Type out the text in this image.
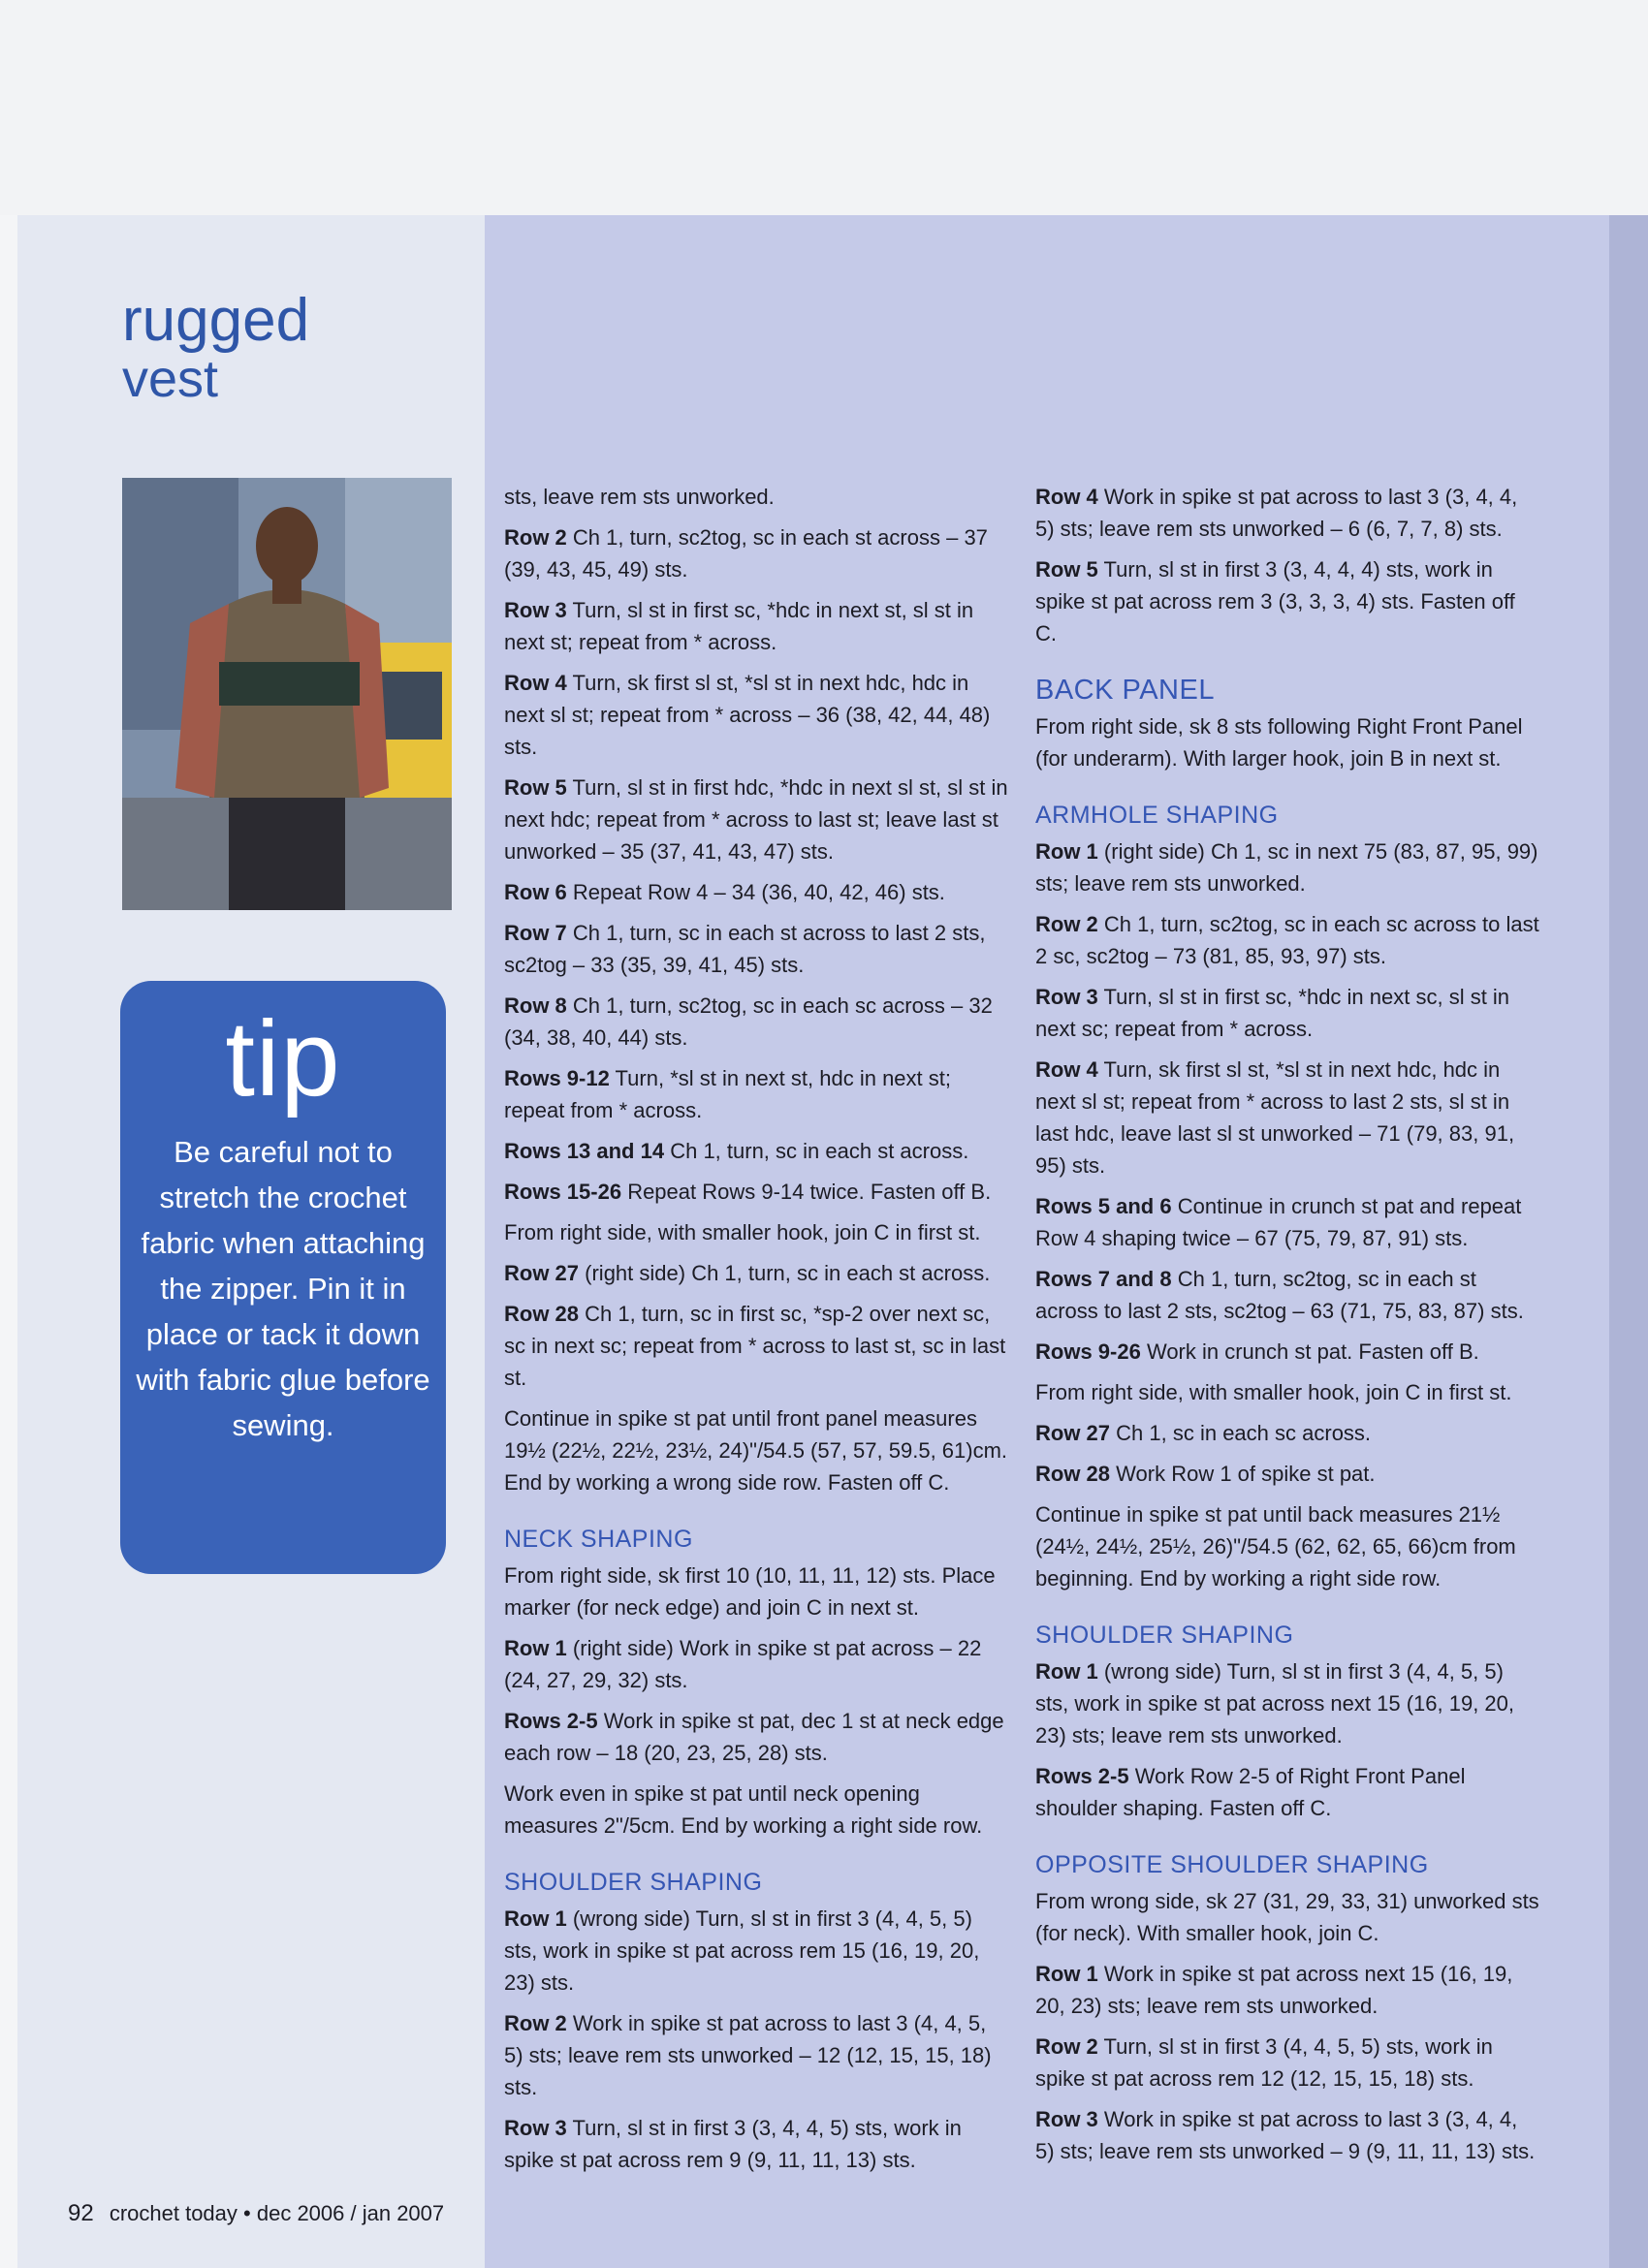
rugged
vest
tip
Be careful not to stretch the crochet fabric when attaching the zipper. Pin it in place or tack it down with fabric glue before sewing.
sts, leave rem sts unworked.
Row 2 Ch 1, turn, sc2tog, sc in each st across – 37 (39, 43, 45, 49) sts.
Row 3 Turn, sl st in first sc, *hdc in next st, sl st in next st; repeat from * across.
Row 4 Turn, sk first sl st, *sl st in next hdc, hdc in next sl st; repeat from * across – 36 (38, 42, 44, 48) sts.
Row 5 Turn, sl st in first hdc, *hdc in next sl st, sl st in next hdc; repeat from * across to last st; leave last st unworked – 35 (37, 41, 43, 47) sts.
Row 6 Repeat Row 4 – 34 (36, 40, 42, 46) sts.
Row 7 Ch 1, turn, sc in each st across to last 2 sts, sc2tog – 33 (35, 39, 41, 45) sts.
Row 8 Ch 1, turn, sc2tog, sc in each sc across – 32 (34, 38, 40, 44) sts.
Rows 9-12 Turn, *sl st in next st, hdc in next st; repeat from * across.
Rows 13 and 14 Ch 1, turn, sc in each st across.
Rows 15-26 Repeat Rows 9-14 twice. Fasten off B.
From right side, with smaller hook, join C in first st.
Row 27 (right side) Ch 1, turn, sc in each st across.
Row 28 Ch 1, turn, sc in first sc, *sp-2 over next sc, sc in next sc; repeat from * across to last st, sc in last st.
Continue in spike st pat until front panel measures 19½ (22½, 22½, 23½, 24)"/54.5 (57, 57, 59.5, 61)cm. End by working a wrong side row. Fasten off C.
NECK SHAPING
From right side, sk first 10 (10, 11, 11, 12) sts. Place marker (for neck edge) and join C in next st.
Row 1 (right side) Work in spike st pat across – 22 (24, 27, 29, 32) sts.
Rows 2-5 Work in spike st pat, dec 1 st at neck edge each row – 18 (20, 23, 25, 28) sts.
Work even in spike st pat until neck opening measures 2"/5cm. End by working a right side row.
SHOULDER SHAPING
Row 1 (wrong side) Turn, sl st in first 3 (4, 4, 5, 5) sts, work in spike st pat across rem 15 (16, 19, 20, 23) sts.
Row 2 Work in spike st pat across to last 3 (4, 4, 5, 5) sts; leave rem sts unworked – 12 (12, 15, 15, 18) sts.
Row 3 Turn, sl st in first 3 (3, 4, 4, 5) sts, work in spike st pat across rem 9 (9, 11, 11, 13) sts.
Row 4 Work in spike st pat across to last 3 (3, 4, 4, 5) sts; leave rem sts unworked – 6 (6, 7, 7, 8) sts.
Row 5 Turn, sl st in first 3 (3, 4, 4, 4) sts, work in spike st pat across rem 3 (3, 3, 3, 4) sts. Fasten off C.
BACK PANEL
From right side, sk 8 sts following Right Front Panel (for underarm). With larger hook, join B in next st.
ARMHOLE SHAPING
Row 1 (right side) Ch 1, sc in next 75 (83, 87, 95, 99) sts; leave rem sts unworked.
Row 2 Ch 1, turn, sc2tog, sc in each sc across to last 2 sc, sc2tog – 73 (81, 85, 93, 97) sts.
Row 3 Turn, sl st in first sc, *hdc in next sc, sl st in next sc; repeat from * across.
Row 4 Turn, sk first sl st, *sl st in next hdc, hdc in next sl st; repeat from * across to last 2 sts, sl st in last hdc, leave last sl st unworked – 71 (79, 83, 91, 95) sts.
Rows 5 and 6 Continue in crunch st pat and repeat Row 4 shaping twice – 67 (75, 79, 87, 91) sts.
Rows 7 and 8 Ch 1, turn, sc2tog, sc in each st across to last 2 sts, sc2tog – 63 (71, 75, 83, 87) sts.
Rows 9-26 Work in crunch st pat. Fasten off B.
From right side, with smaller hook, join C in first st.
Row 27 Ch 1, sc in each sc across.
Row 28 Work Row 1 of spike st pat.
Continue in spike st pat until back measures 21½ (24½, 24½, 25½, 26)"/54.5 (62, 62, 65, 66)cm from beginning. End by working a right side row.
SHOULDER SHAPING
Row 1 (wrong side) Turn, sl st in first 3 (4, 4, 5, 5) sts, work in spike st pat across next 15 (16, 19, 20, 23) sts; leave rem sts unworked.
Rows 2-5 Work Row 2-5 of Right Front Panel shoulder shaping. Fasten off C.
OPPOSITE SHOULDER SHAPING
From wrong side, sk 27 (31, 29, 33, 31) unworked sts (for neck). With smaller hook, join C.
Row 1 Work in spike st pat across next 15 (16, 19, 20, 23) sts; leave rem sts unworked.
Row 2 Turn, sl st in first 3 (4, 4, 5, 5) sts, work in spike st pat across rem 12 (12, 15, 15, 18) sts.
Row 3 Work in spike st pat across to last 3 (3, 4, 4, 5) sts; leave rem sts unworked – 9 (9, 11, 11, 13) sts.
92 crochet today • dec 2006 / jan 2007
